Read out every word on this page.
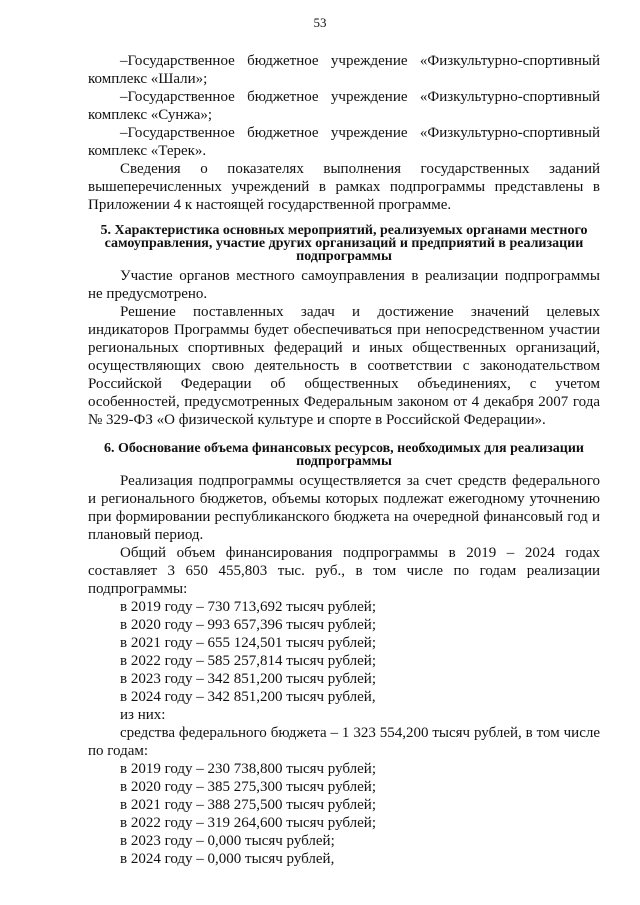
53

–Государственное бюджетное учреждение «Физкультурно-спортивный комплекс «Шали»;

–Государственное бюджетное учреждение «Физкультурно-спортивный комплекс «Сунжа»;

–Государственное бюджетное учреждение «Физкультурно-спортивный комплекс «Терек».

Сведения о показателях выполнения государственных заданий вышеперечисленных учреждений в рамках подпрограммы представлены в Приложении 4 к настоящей государственной программе.

5. Характеристика основных мероприятий, реализуемых органами местного самоуправления, участие других организаций и предприятий в реализации подпрограммы

Участие органов местного самоуправления в реализации подпрограммы не предусмотрено.

Решение поставленных задач и достижение значений целевых индикаторов Программы будет обеспечиваться при непосредственном участии региональных спортивных федераций и иных общественных организаций, осуществляющих свою деятельность в соответствии с законодательством Российской Федерации об общественных объединениях, с учетом особенностей, предусмотренных Федеральным законом от 4 декабря 2007 года № 329-ФЗ «О физической культуре и спорте в Российской Федерации».

6. Обоснование объема финансовых ресурсов, необходимых для реализации подпрограммы

Реализация подпрограммы осуществляется за счет средств федерального и регионального бюджетов, объемы которых подлежат ежегодному уточнению при формировании республиканского бюджета на очередной финансовый год и плановый период.

Общий объем финансирования подпрограммы в 2019 – 2024 годах составляет 3 650 455,803 тыс. руб., в том числе по годам реализации подпрограммы:

в 2019 году – 730 713,692 тысяч рублей;

в 2020 году – 993 657,396 тысяч рублей;

в 2021 году – 655 124,501 тысяч рублей;

в 2022 году – 585 257,814 тысяч рублей;

в 2023 году – 342 851,200 тысяч рублей;

в 2024 году – 342 851,200 тысяч рублей,

из них:

средства федерального бюджета – 1 323 554,200 тысяч рублей, в том числе по годам:

в 2019 году – 230 738,800 тысяч рублей;

в 2020 году – 385 275,300 тысяч рублей;

в 2021 году – 388 275,500 тысяч рублей;

в 2022 году – 319 264,600 тысяч рублей;

в 2023 году – 0,000 тысяч рублей;

в 2024 году – 0,000 тысяч рублей,
